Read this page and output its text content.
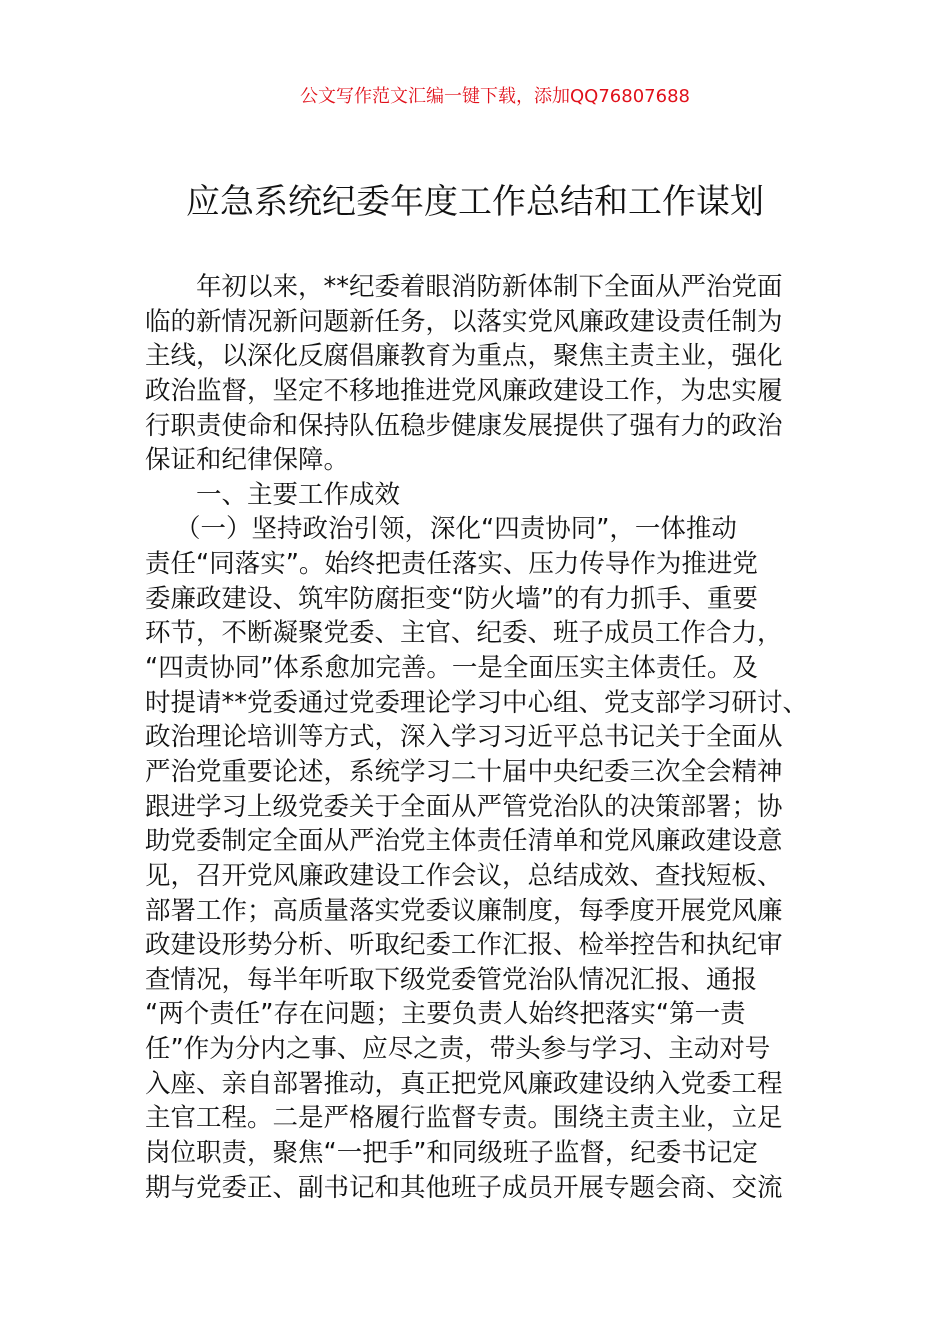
公文写作范文汇编一键下载，添加QQ76807688
应急系统纪委年度工作总结和工作谋划
年初以来，**纪委着眼消防新体制下全面从严治党面
临的新情况新问题新任务，以落实党风廉政建设责任制为
主线，以深化反腐倡廉教育为重点，聚焦主责主业，强化
政治监督，坚定不移地推进党风廉政建设工作，为忠实履
行职责使命和保持队伍稳步健康发展提供了强有力的政治
保证和纪律保障。
一、主要工作成效
（一）坚持政治引领，深化“四责协同”，一体推动
责任“同落实”。始终把责任落实、压力传导作为推进党
委廉政建设、筑牢防腐拒变“防火墙”的有力抓手、重要
环节，不断凝聚党委、主官、纪委、班子成员工作合力，
“四责协同”体系愈加完善。一是全面压实主体责任。及
时提请**党委通过党委理论学习中心组、党支部学习研讨、
政治理论培训等方式，深入学习习近平总书记关于全面从
严治党重要论述，系统学习二十届中央纪委三次全会精神
跟进学习上级党委关于全面从严管党治队的决策部署；协
助党委制定全面从严治党主体责任清单和党风廉政建设意
见，召开党风廉政建设工作会议，总结成效、查找短板、
部署工作；高质量落实党委议廉制度，每季度开展党风廉
政建设形势分析、听取纪委工作汇报、检举控告和执纪审
查情况，每半年听取下级党委管党治队情况汇报、通报
“两个责任”存在问题；主要负责人始终把落实“第一责
任”作为分内之事、应尽之责，带头参与学习、主动对号
入座、亲自部署推动，真正把党风廉政建设纳入党委工程
主官工程。二是严格履行监督专责。围绕主责主业，立足
岗位职责，聚焦“一把手”和同级班子监督，纪委书记定
期与党委正、副书记和其他班子成员开展专题会商、交流
